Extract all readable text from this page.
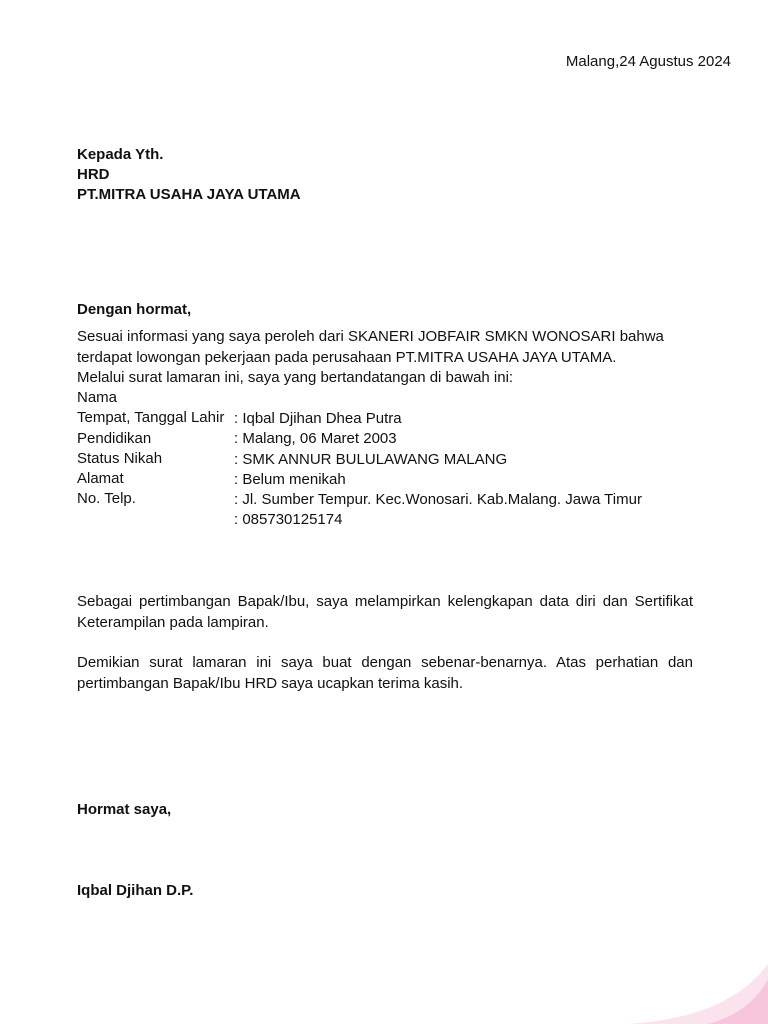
Malang,24 Agustus 2024
Kepada Yth.
HRD
PT.MITRA USAHA JAYA UTAMA
Dengan hormat,
Sesuai informasi yang saya peroleh dari SKANERI JOBFAIR SMKN WONOSARI bahwa
terdapat lowongan pekerjaan pada perusahaan PT.MITRA USAHA JAYA UTAMA.
Melalui surat lamaran ini, saya yang bertandatangan di bawah ini:
Nama
Tempat, Tanggal Lahir
Pendidikan
Status Nikah
Alamat
No. Telp.
: Iqbal Djihan Dhea Putra
: Malang, 06 Maret 2003
: SMK ANNUR BULULAWANG MALANG
: Belum menikah
: Jl. Sumber Tempur. Kec.Wonosari. Kab.Malang. Jawa Timur
: 085730125174

Sebagai pertimbangan Bapak/Ibu, saya melampirkan kelengkapan data diri dan Sertifikat Keterampilan pada lampiran.

Demikian surat lamaran ini saya buat dengan sebenar-benarnya. Atas perhatian dan pertimbangan Bapak/Ibu HRD saya ucapkan terima kasih.

Hormat saya,
Iqbal Djihan D.P.
